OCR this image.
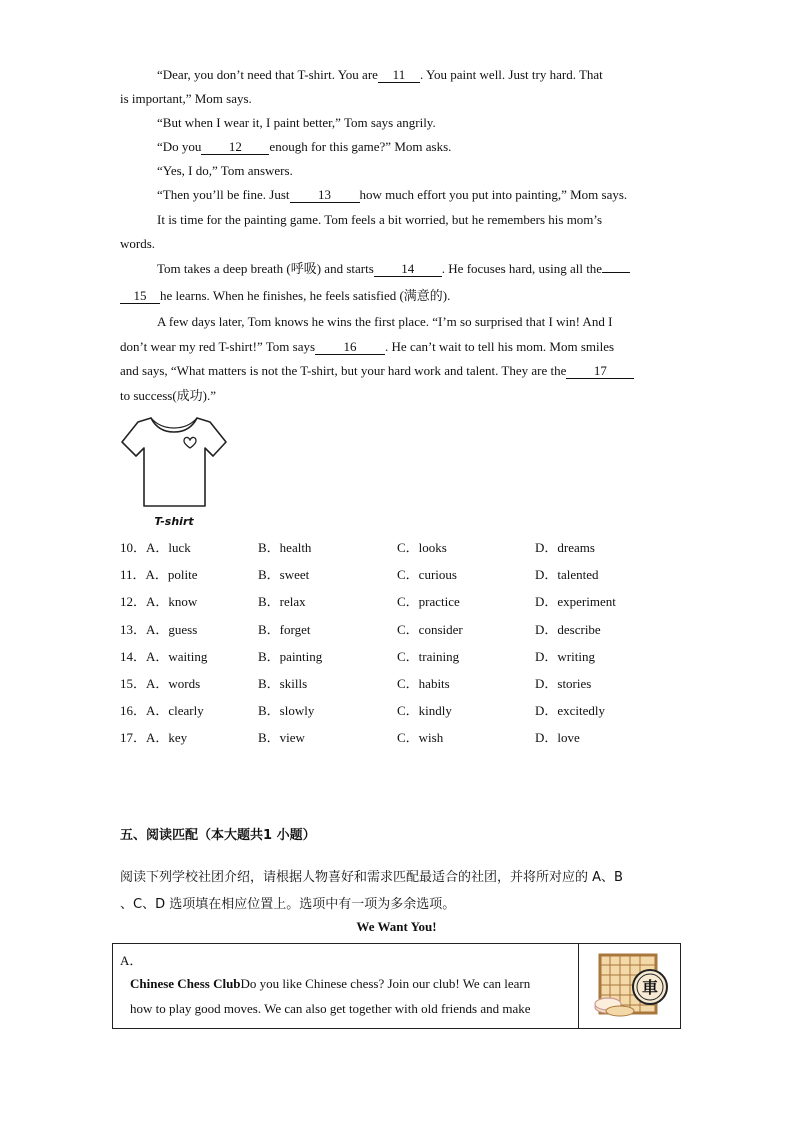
“Dear, you don’t need that T-shirt. You are 11 . You paint well. Just try hard. That
is important,” Mom says.
“But when I wear it, I paint better,” Tom says angrily.
“Do you 12 enough for this game?” Mom asks.
“Yes, I do,” Tom answers.
“Then you’ll be fine. Just 13 how much effort you put into painting,” Mom says.
It is time for the painting game. Tom feels a bit worried, but he remembers his mom’s
words.
Tom takes a deep breath (呼吸) and starts 14 . He focuses hard, using all the
15 he learns. When he finishes, he feels satisfied (满意的).
A few days later, Tom knows he wins the first place. “I’m so surprised that I win! And I
don’t wear my red T-shirt!” Tom says 16 . He can’t wait to tell his mom. Mom smiles
and says, “What matters is not the T-shirt, but your hard work and talent. They are the 17
to success(成功).”
T-shirt
10．A．luck	B．health	C．looks	D．dreams
11．A．polite	B．sweet	C．curious	D．talented
12．A．know	B．relax	C．practice	D．experiment
13．A．guess	B．forget	C．consider	D．describe
14．A．waiting	B．painting	C．training	D．writing
15．A．words	B．skills	C．habits	D．stories
16．A．clearly	B．slowly	C．kindly	D．excitedly
17．A．key	B．view	C．wish	D．love
五、阅读匹配（本大题共1 小题）
阅读下列学校社团介绍，请根据人物喜好和需求匹配最适合的社团，并将所对应的 A、B
、C、D 选项填在相应位置上。选项中有一项为多余选项。
We Want You!
A．
Chinese Chess ClubDo you like Chinese chess? Join our club! We can learn
how to play good moves. We can also get together with old friends and make
車
